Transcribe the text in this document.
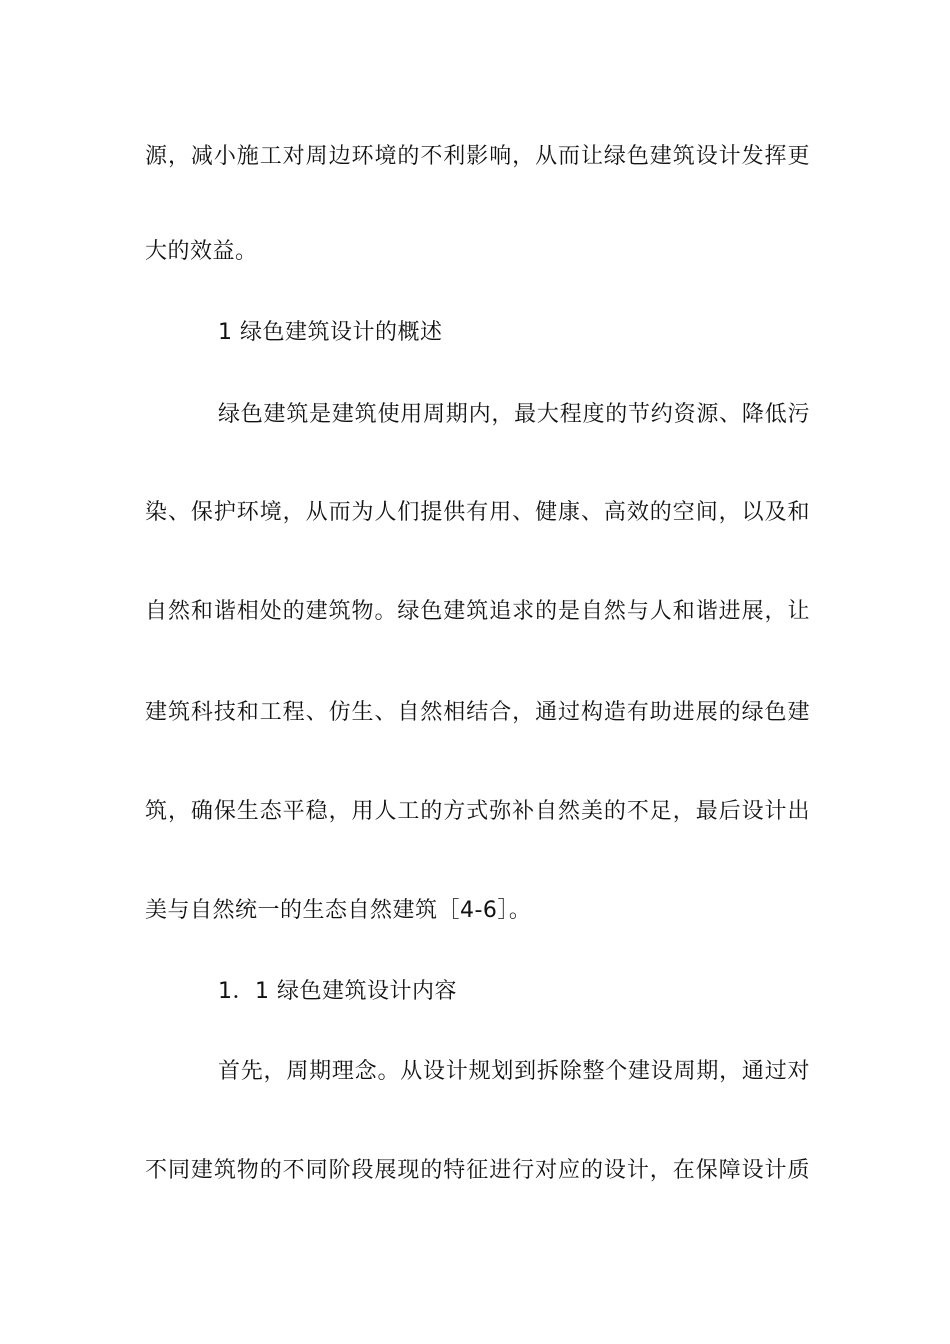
源，减小施工对周边环境的不利影响，从而让绿色建筑设计发挥更
大的效益。
1 绿色建筑设计的概述
绿色建筑是建筑使用周期内，最大程度的节约资源、降低污
染、保护环境，从而为人们提供有用、健康、高效的空间，以及和
自然和谐相处的建筑物。绿色建筑追求的是自然与人和谐进展，让
建筑科技和工程、仿生、自然相结合，通过构造有助进展的绿色建
筑，确保生态平稳，用人工的方式弥补自然美的不足，最后设计出
美与自然统一的生态自然建筑［4-6］。
1．1 绿色建筑设计内容
首先，周期理念。从设计规划到拆除整个建设周期，通过对
不同建筑物的不同阶段展现的特征进行对应的设计，在保障设计质
